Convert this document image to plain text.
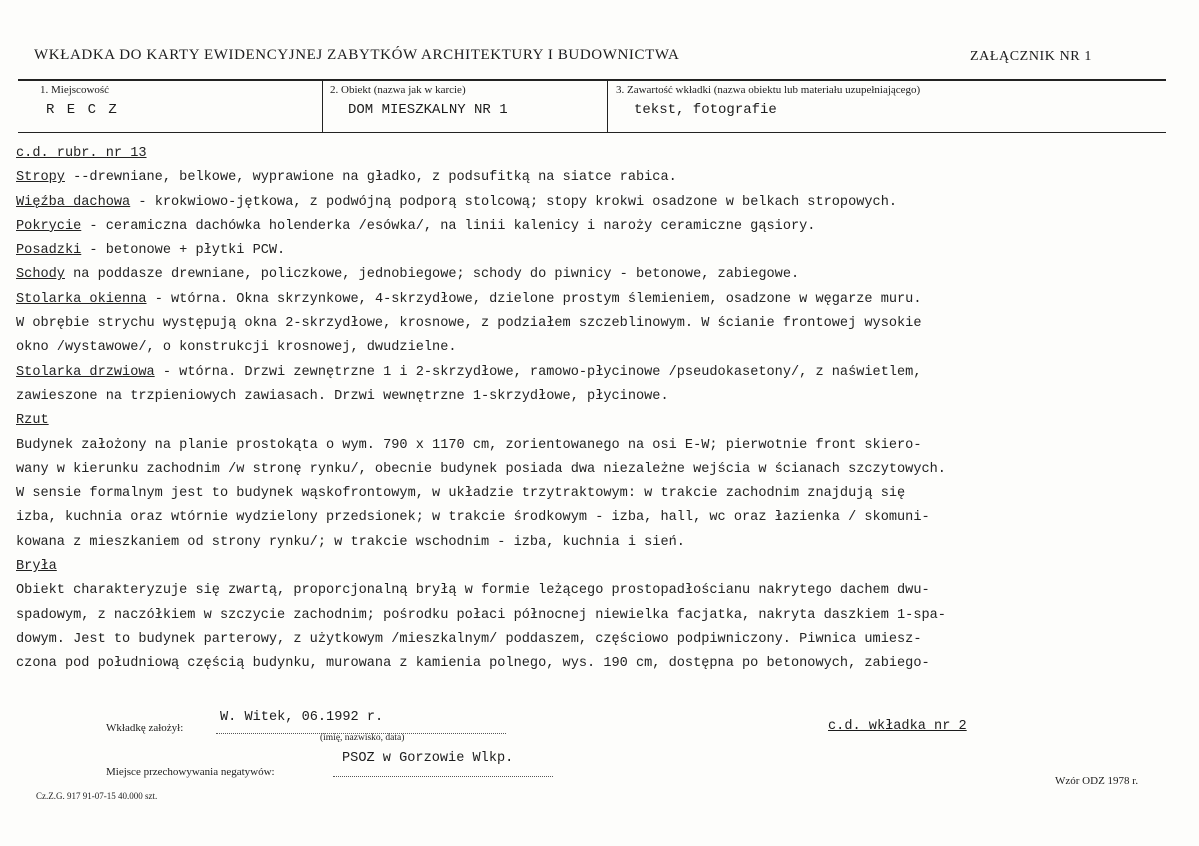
WKŁADKA DO KARTY EWIDENCYJNEJ ZABYTKÓW ARCHITEKTURY I BUDOWNICTWA	ZAŁĄCZNIK NR 1
1. Miejscowość
R E C Z
2. Obiekt (nazwa jak w karcie)
DOM MIESZKALNY NR 1
3. Zawartość wkładki (nazwa obiektu lub materiału uzupełniającego)
tekst, fotografie
c.d. rubr. nr 13
Stropy --drewniane, belkowe, wyprawione na gładko, z podsufitką na siatce rabica.
Więźba dachowa - krokwiowo-jętkowa, z podwójną podporą stolcową; stopy krokwi osadzone w belkach stropowych.
Pokrycie - ceramiczna dachówka holenderka /esówka/, na linii kalenicy i naroży ceramiczne gąsiory.
Posadzki - betonowe + płytki PCW.
Schody na poddasze drewniane, policzkowe, jednobiegowe; schody do piwnicy - betonowe, zabiegowe.
Stolarka okienna - wtórna. Okna skrzynkowe, 4-skrzydłowe, dzielone prostym ślemieniem, osadzone w węgarze muru.
W obrębie strychu występują okna 2-skrzydłowe, krosnowe, z podziałem szczeblinowym. W ścianie frontowej wysokie
okno /wystawowe/, o konstrukcji krosnowej, dwudzielne.
Stolarka drzwiowa - wtórna. Drzwi zewnętrzne 1 i 2-skrzydłowe, ramowo-płycinowe /pseudokasetony/, z naświetlem,
zawieszone na trzpieniowych zawiasach. Drzwi wewnętrzne 1-skrzydłowe, płycinowe.
Rzut
Budynek założony na planie prostokąta o wym. 790 x 1170 cm, zorientowanego na osi E-W; pierwotnie front skiero-
wany w kierunku zachodnim /w stronę rynku/, obecnie budynek posiada dwa niezależne wejścia w ścianach szczytowych.
W sensie formalnym jest to budynek wąskofrontowym, w układzie trzytraktowym: w trakcie zachodnim znajdują się
izba, kuchnia oraz wtórnie wydzielony przedsionek; w trakcie środkowym - izba, hall, wc oraz łazienka / skomuni-
kowana z mieszkaniem od strony rynku/; w trakcie wschodnim - izba, kuchnia i sień.
Bryła
Obiekt charakteryzuje się zwartą, proporcjonalną bryłą w formie leżącego prostopadłościanu nakrytego dachem dwu-
spadowym, z naczółkiem w szczycie zachodnim; pośrodku połaci północnej niewielka facjatka, nakryta daszkiem 1-spa-
dowym. Jest to budynek parterowy, z użytkowym /mieszkalnym/ poddaszem, częściowo podpiwniczony. Piwnica umiesz-
czona pod południową częścią budynku, murowana z kamienia polnego, wys. 190 cm, dostępna po betonowych, zabiego-
Wkładkę założył:
W. Witek, 06.1992 r.
(imię, nazwisko, data)
c.d. wkładka nr 2
Miejsce przechowywania negatywów:
PSOZ w Gorzowie Wlkp.
Wzór ODZ 1978 r.
Cz.Z.G. 917 91-07-15 40.000 szt.
